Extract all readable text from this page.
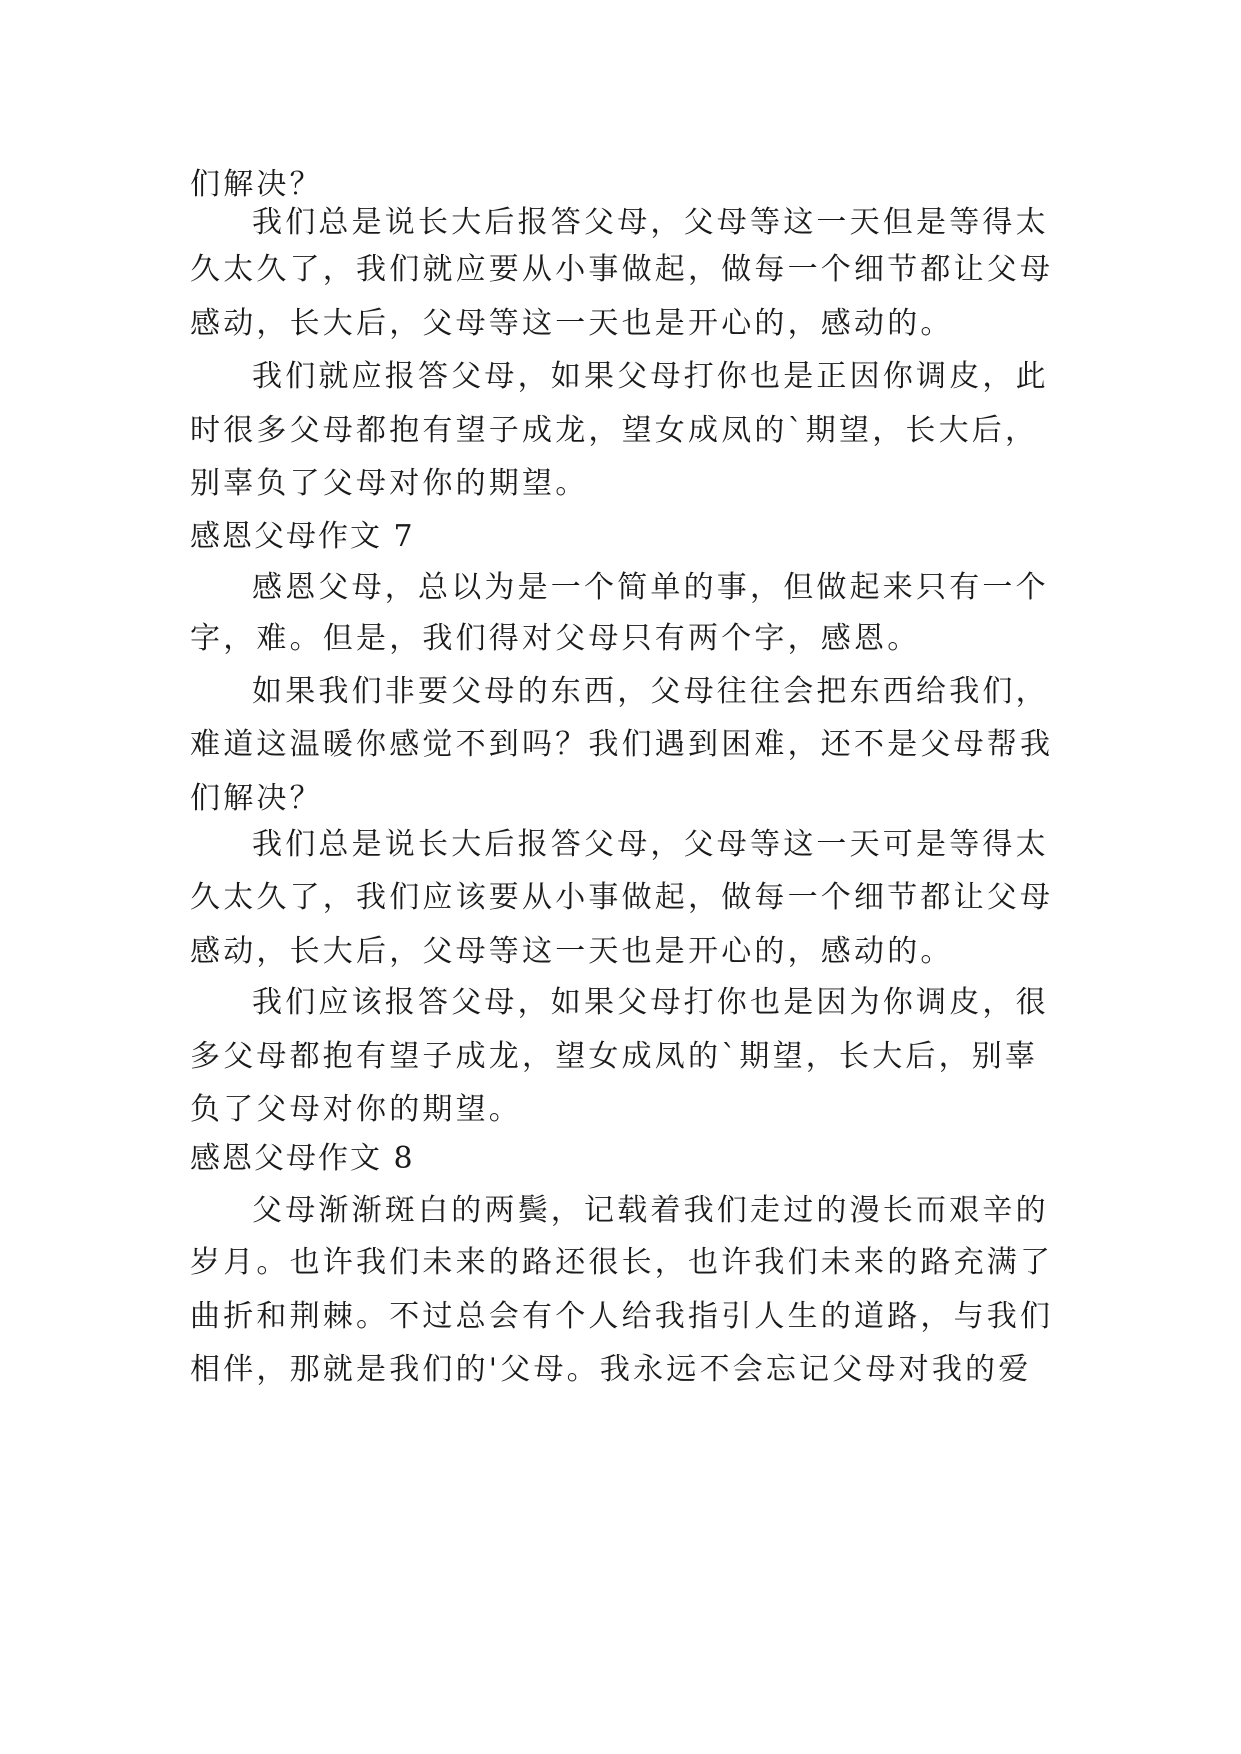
们解决？
我们总是说长大后报答父母，父母等这一天但是等得太
久太久了，我们就应要从小事做起，做每一个细节都让父母
感动，长大后，父母等这一天也是开心的，感动的。
我们就应报答父母，如果父母打你也是正因你调皮，此
时很多父母都抱有望子成龙，望女成凤的`期望，长大后，
别辜负了父母对你的期望。
感恩父母作文 7
感恩父母，总以为是一个简单的事，但做起来只有一个
字，难。但是，我们得对父母只有两个字，感恩。
如果我们非要父母的东西，父母往往会把东西给我们，
难道这温暖你感觉不到吗？我们遇到困难，还不是父母帮我
们解决？
我们总是说长大后报答父母，父母等这一天可是等得太
久太久了，我们应该要从小事做起，做每一个细节都让父母
感动，长大后，父母等这一天也是开心的，感动的。
我们应该报答父母，如果父母打你也是因为你调皮，很
多父母都抱有望子成龙，望女成凤的`期望，长大后，别辜
负了父母对你的期望。
感恩父母作文 8
父母渐渐斑白的两鬓，记载着我们走过的漫长而艰辛的
岁月。也许我们未来的路还很长，也许我们未来的路充满了
曲折和荆棘。不过总会有个人给我指引人生的道路，与我们
相伴，那就是我们的'父母。我永远不会忘记父母对我的爱
